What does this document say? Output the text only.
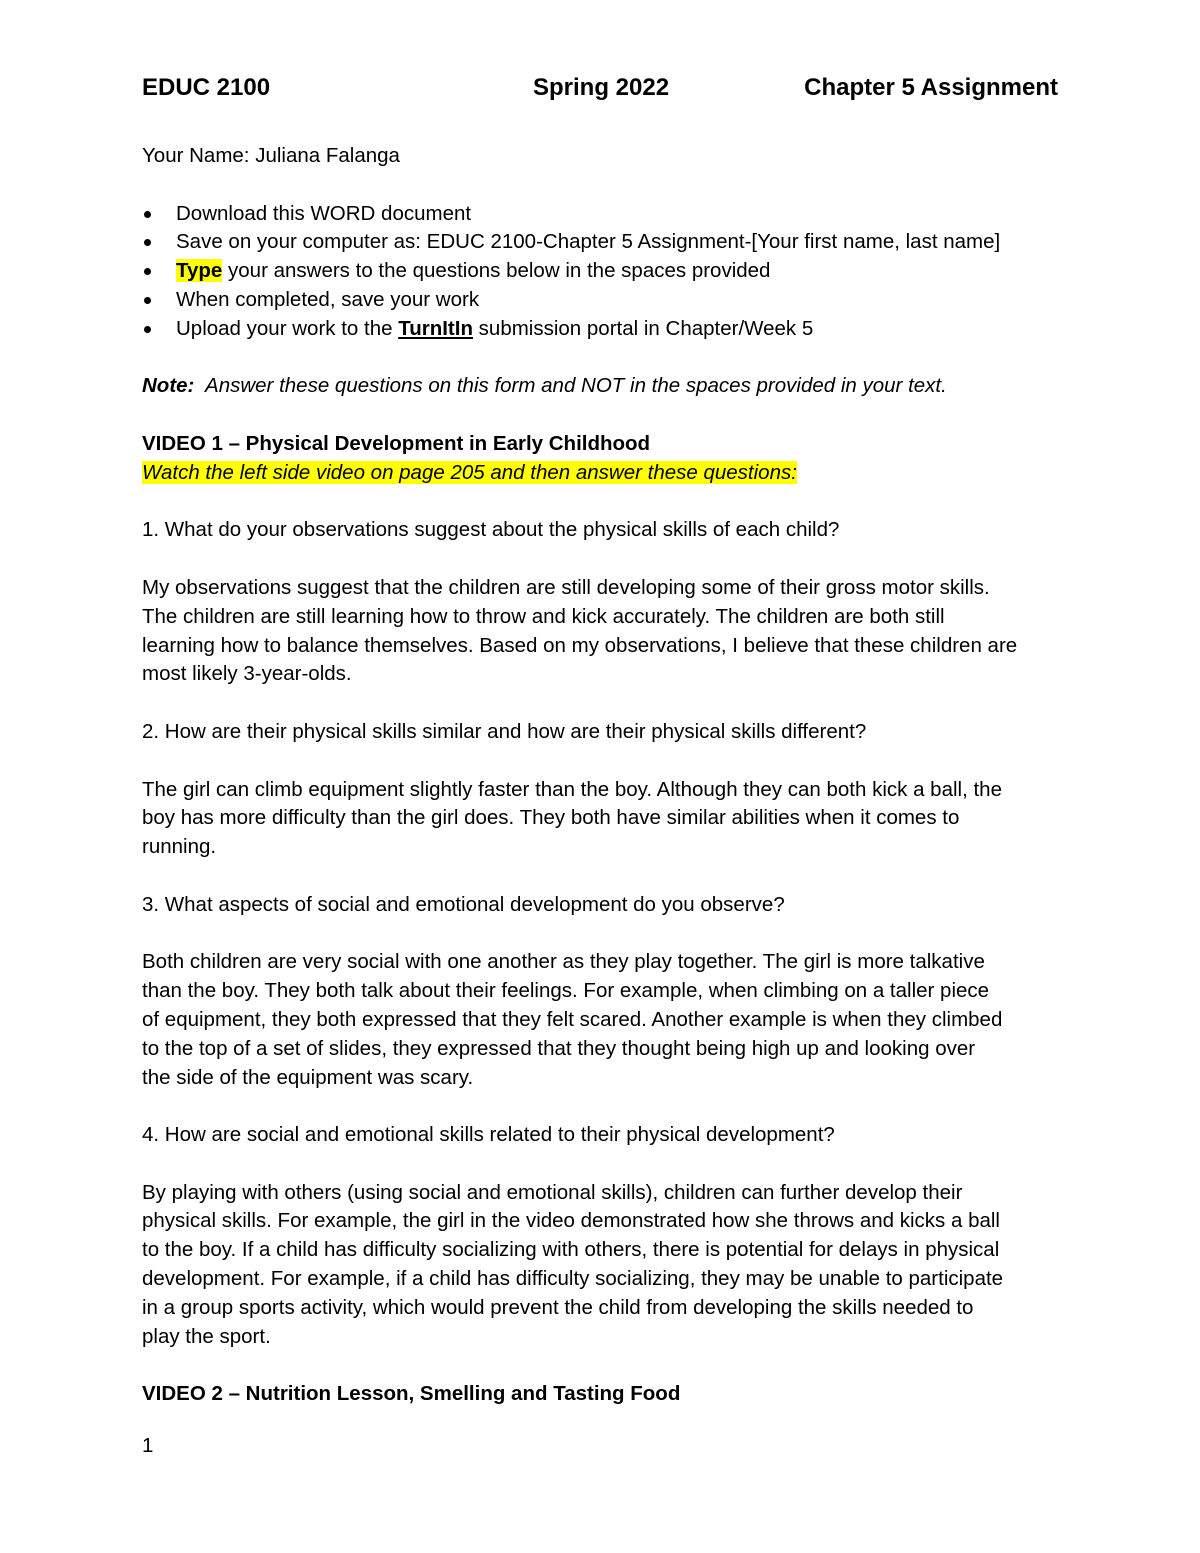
EDUC 2100	Spring 2022	Chapter 5 Assignment

Your Name: Juliana Falanga

Download this WORD document
Save on your computer as: EDUC 2100-Chapter 5 Assignment-[Your first name, last name]
Type your answers to the questions below in the spaces provided
When completed, save your work
Upload your work to the TurnItIn submission portal in Chapter/Week 5

Note:  Answer these questions on this form and NOT in the spaces provided in your text.

VIDEO 1 – Physical Development in Early Childhood

Watch the left side video on page 205 and then answer these questions:

1. What do your observations suggest about the physical skills of each child?

My observations suggest that the children are still developing some of their gross motor skills.

The children are still learning how to throw and kick accurately. The children are both still

learning how to balance themselves. Based on my observations, I believe that these children are

most likely 3-year-olds.

2. How are their physical skills similar and how are their physical skills different?

The girl can climb equipment slightly faster than the boy. Although they can both kick a ball, the

boy has more difficulty than the girl does. They both have similar abilities when it comes to

running.

3. What aspects of social and emotional development do you observe?

Both children are very social with one another as they play together. The girl is more talkative

than the boy. They both talk about their feelings. For example, when climbing on a taller piece

of equipment, they both expressed that they felt scared. Another example is when they climbed

to the top of a set of slides, they expressed that they thought being high up and looking over

the side of the equipment was scary.

4. How are social and emotional skills related to their physical development?

By playing with others (using social and emotional skills), children can further develop their

physical skills. For example, the girl in the video demonstrated how she throws and kicks a ball

to the boy. If a child has difficulty socializing with others, there is potential for delays in physical

development. For example, if a child has difficulty socializing, they may be unable to participate

in a group sports activity, which would prevent the child from developing the skills needed to

play the sport.

VIDEO 2 – Nutrition Lesson, Smelling and Tasting Food

1
